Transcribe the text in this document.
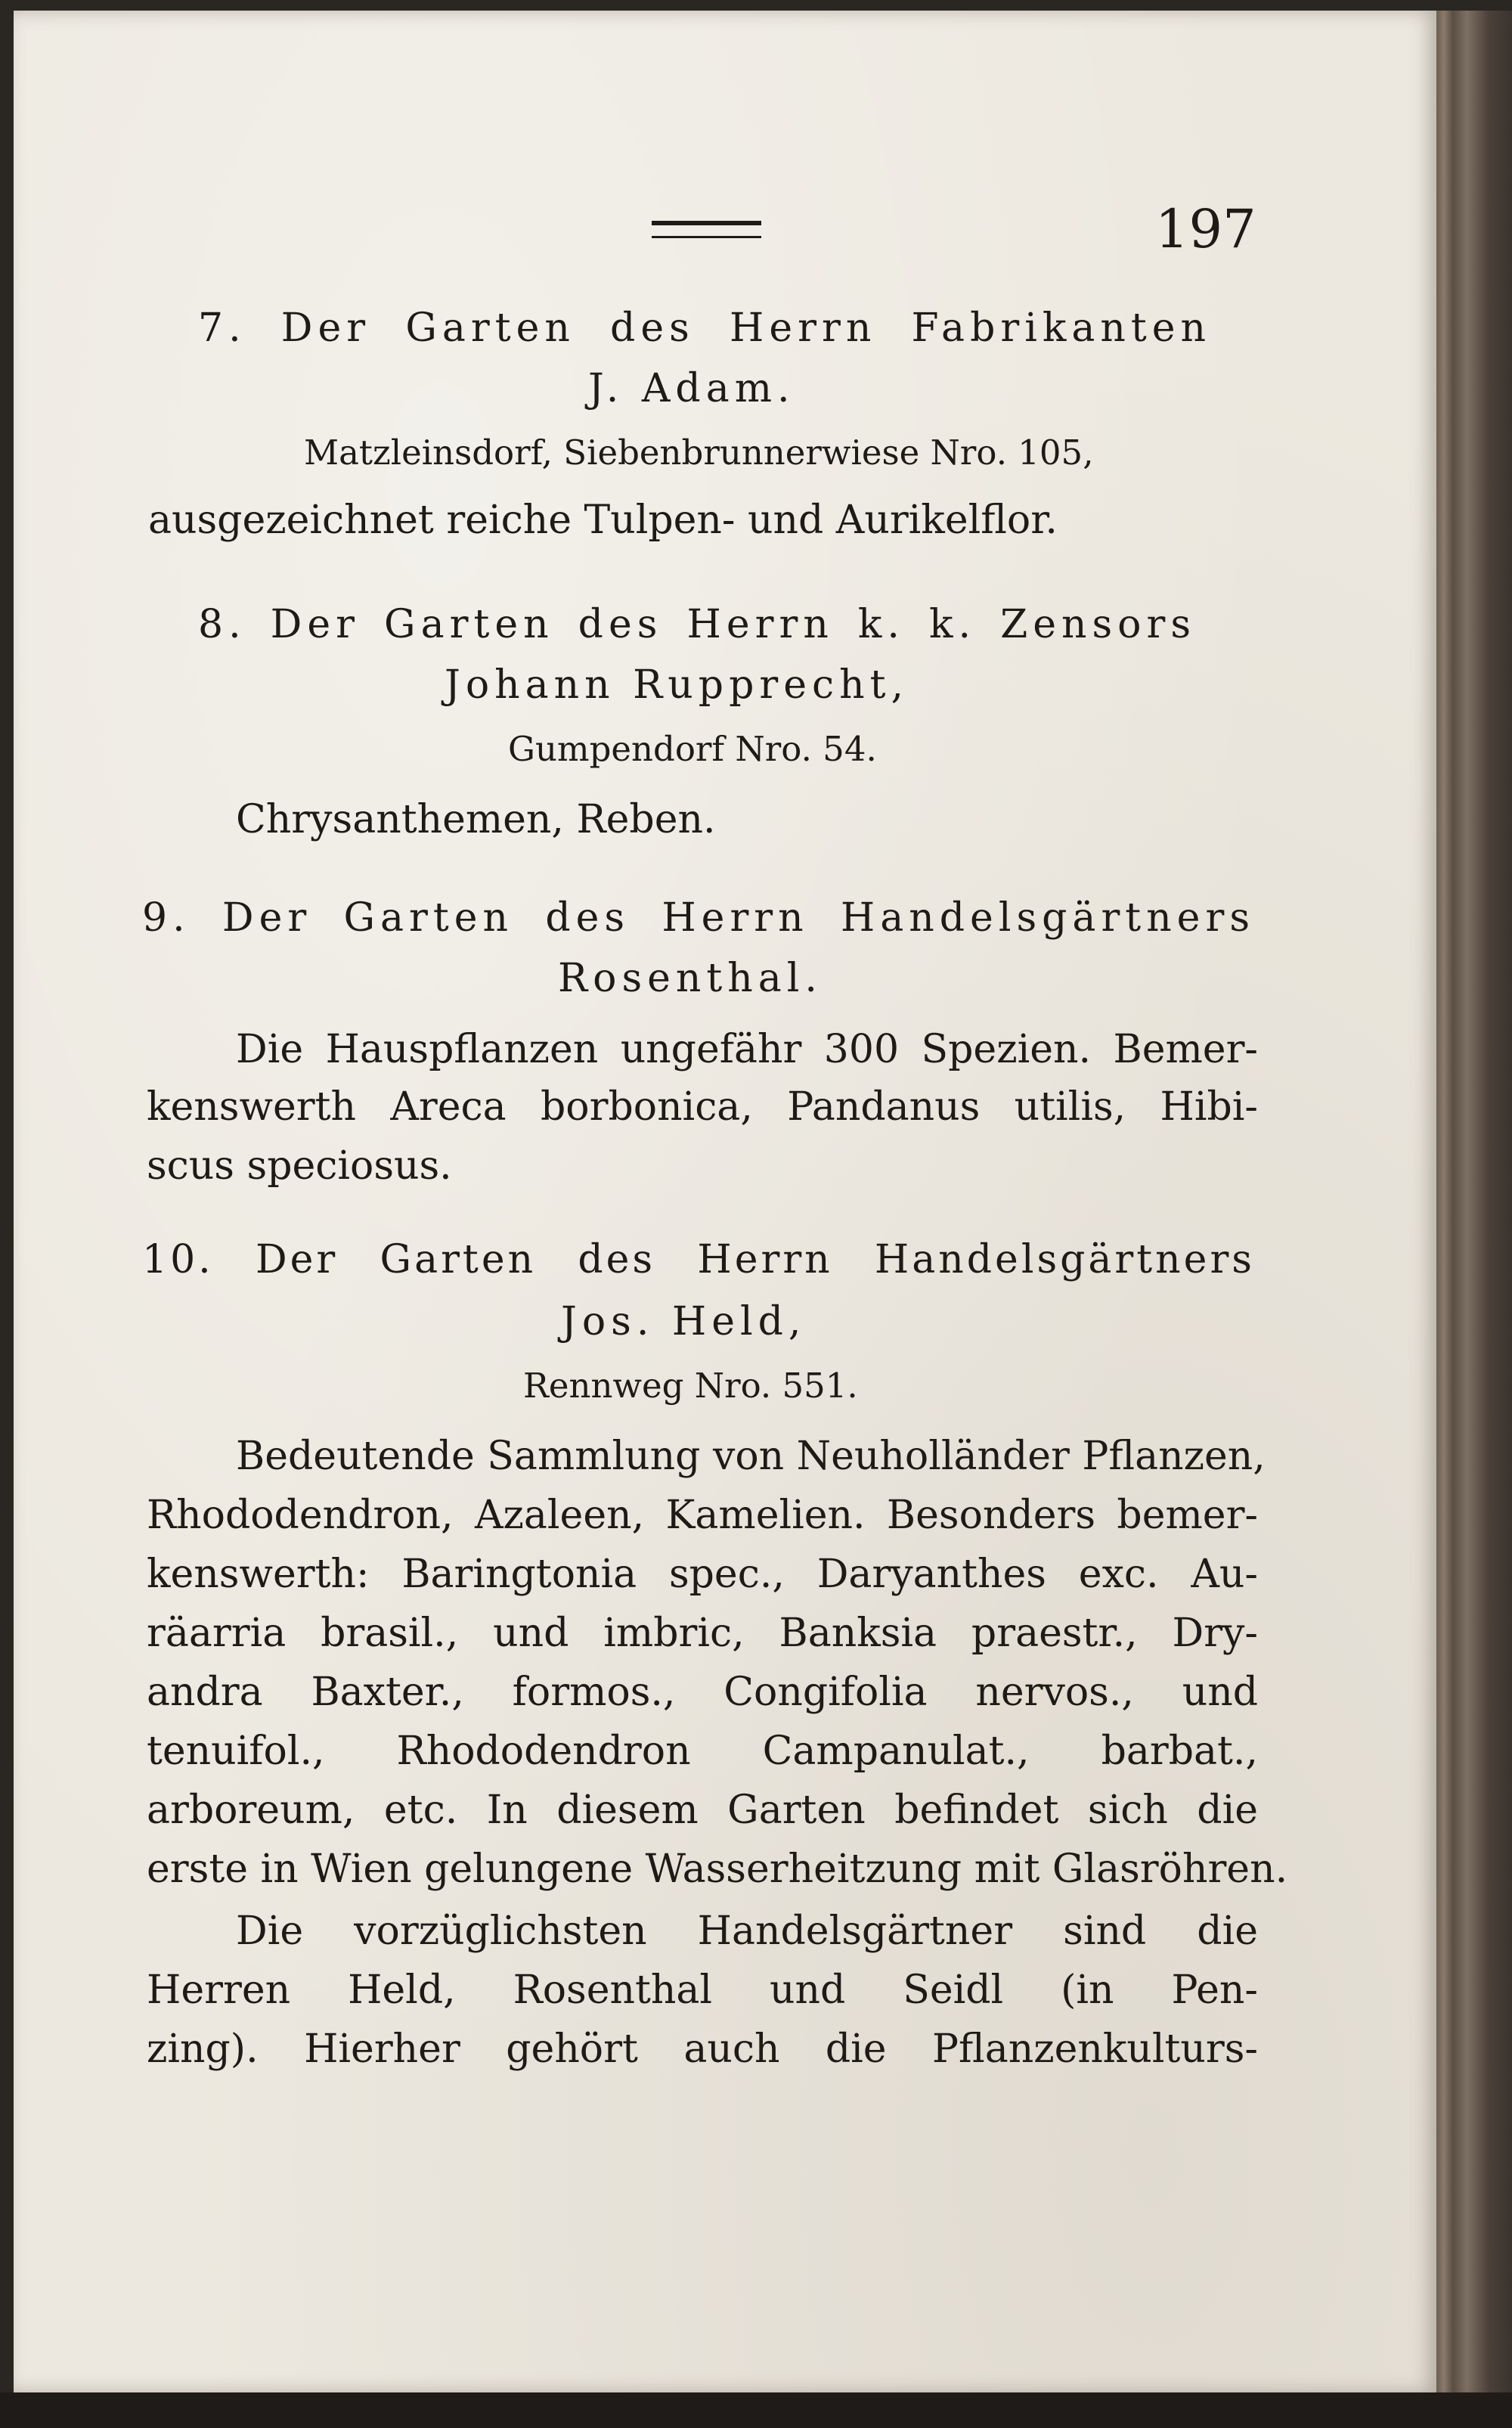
197
7. Der Garten des Herrn Fabrikanten
J. Adam.
Matzleinsdorf, Siebenbrunnerwiese Nro. 105,
ausgezeichnet reiche Tulpen- und Aurikelflor.
8. Der Garten des Herrn k. k. Zensors
Johann Rupprecht,
Gumpendorf Nro. 54.
Chrysanthemen, Reben.
9. Der Garten des Herrn Handelsgärtners
Rosenthal.
Die Hauspflanzen ungefähr 300 Spezien. Bemer-
kenswerth Areca borbonica, Pandanus utilis, Hibi-
scus speciosus.
10. Der Garten des Herrn Handelsgärtners
Jos. Held,
Rennweg Nro. 551.
Bedeutende Sammlung von Neuholländer Pflanzen,
Rhododendron, Azaleen, Kamelien. Besonders bemer-
kenswerth: Baringtonia spec., Daryanthes exc. Au-
räarria brasil., und imbric, Banksia praestr., Dry-
andra Baxter., formos., Congifolia nervos., und
tenuifol., Rhododendron Campanulat., barbat.,
arboreum, etc. In diesem Garten befindet sich die
erste in Wien gelungene Wasserheitzung mit Glasröhren.
Die vorzüglichsten Handelsgärtner sind die
Herren Held, Rosenthal und Seidl (in Pen-
zing). Hierher gehört auch die Pflanzenkulturs-
